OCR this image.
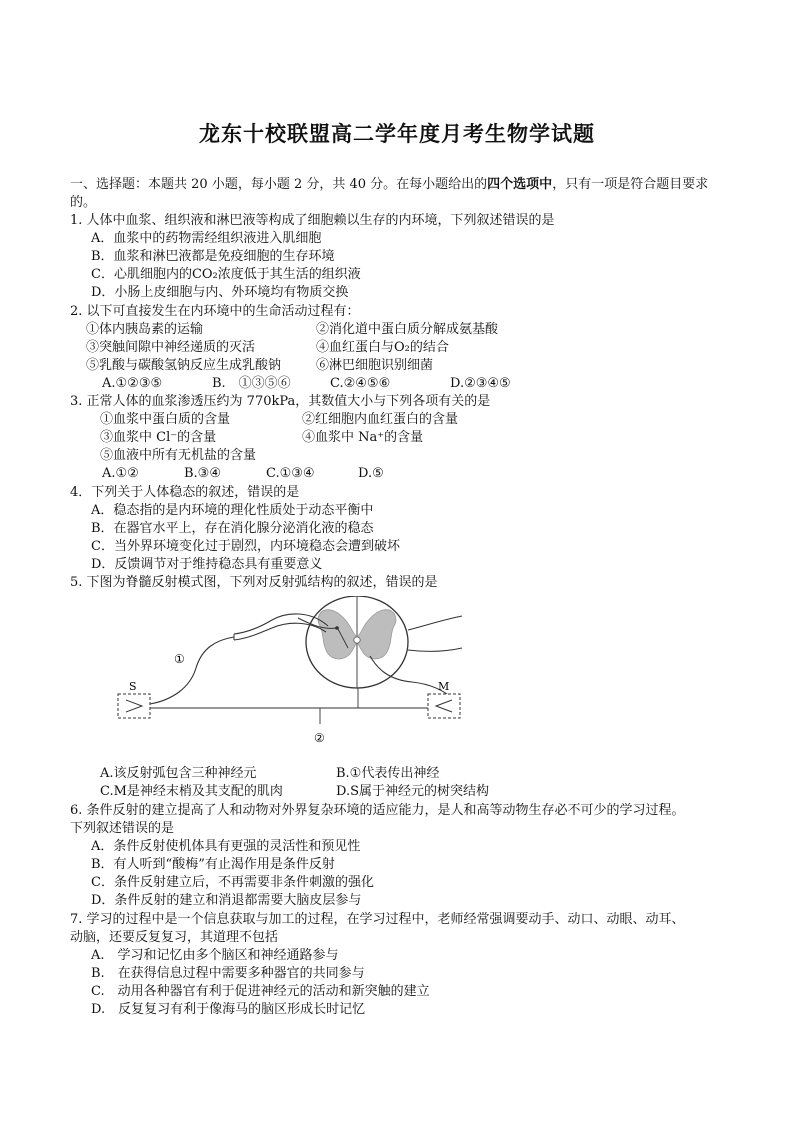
龙东十校联盟高二学年度月考生物学试题
一、选择题：本题共 20 小题，每小题 2 分，共 40 分。在每小题给出的四个选项中，只有一项是符合题目要求的。
1. 人体中血浆、组织液和淋巴液等构成了细胞赖以生存的内环境，下列叙述错误的是
A．血浆中的药物需经组织液进入肌细胞
B．血浆和淋巴液都是免疫细胞的生存环境
C．心肌细胞内的CO₂浓度低于其生活的组织液
D．小肠上皮细胞与内、外环境均有物质交换
2. 以下可直接发生在内环境中的生命活动过程有：
①体内胰岛素的运输	②消化道中蛋白质分解成氨基酸
③突触间隙中神经递质的灭活	④血红蛋白与O₂的结合
⑤乳酸与碳酸氢钠反应生成乳酸钠	⑥淋巴细胞识别细菌
A.①②③⑤	B.　①③⑤⑥	C.②④⑤⑥	D.②③④⑤
3. 正常人体的血浆渗透压约为 770kPa，其数值大小与下列各项有关的是
①血浆中蛋白质的含量	②红细胞内血红蛋白的含量
③血浆中 Cl⁻的含量	④血浆中 Na⁺的含量
⑤血液中所有无机盐的含量
A.①②	B.③④	C.①③④	D.⑤
4．下列关于人体稳态的叙述，错误的是
A．稳态指的是内环境的理化性质处于动态平衡中
B．在器官水平上，存在消化腺分泌消化液的稳态
C．当外界环境变化过于剧烈，内环境稳态会遭到破坏
D．反馈调节对于维持稳态具有重要意义
5. 下图为脊髓反射模式图，下列对反射弧结构的叙述，错误的是
①
②
S	M
A.该反射弧包含三种神经元	B.①代表传出神经
C.M是神经末梢及其支配的肌肉	D.S属于神经元的树突结构
6. 条件反射的建立提高了人和动物对外界复杂环境的适应能力，是人和高等动物生存必不可少的学习过程。
下列叙述错误的是
A．条件反射使机体具有更强的灵活性和预见性
B．有人听到“酸梅”有止渴作用是条件反射
C．条件反射建立后，不再需要非条件刺激的强化
D．条件反射的建立和消退都需要大脑皮层参与
7. 学习的过程中是一个信息获取与加工的过程，在学习过程中，老师经常强调要动手、动口、动眼、动耳、
动脑，还要反复复习，其道理不包括
A.　学习和记忆由多个脑区和神经通路参与
B.　在获得信息过程中需要多种器官的共同参与
C.　动用各种器官有利于促进神经元的活动和新突触的建立
D.　反复复习有利于像海马的脑区形成长时记忆
